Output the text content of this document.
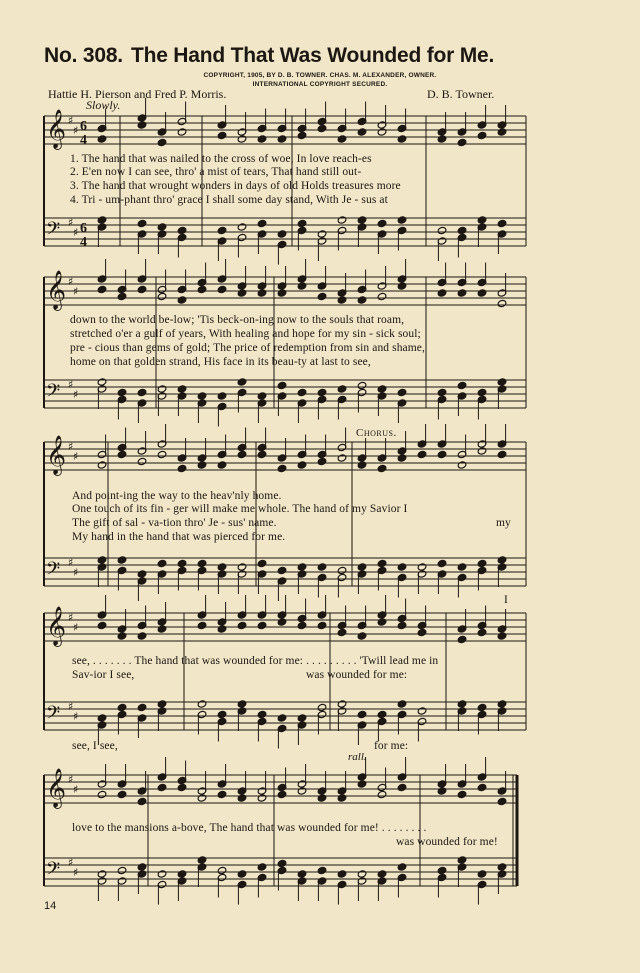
No. 308. The Hand That Was Wounded for Me.
COPYRIGHT, 1905, BY D. B. TOWNER. CHAS. M. ALEXANDER, OWNER.
INTERNATIONAL COPYRIGHT SECURED.
Hattie H. Pierson and Fred P. Morris.	D. B. Towner.
Slowly.
Chorus.
rall.
14
𝄞 ♯
♯ 6
4
𝄢 ♯
♯ 6
4
𝄞 ♯
♯
𝄢 ♯
♯
𝄞 ♯
♯
𝄢 ♯
♯
𝄞 ♯
♯
𝄢 ♯
♯
𝄞 ♯
♯
𝄢 ♯
♯
1. The hand that was nailed to the cross of woe, In love reach-es
2. E'en now I can see, thro' a mist of tears, That hand still out-
3. The hand that wrought wonders in days of old Holds treasures more
4. Tri - um-phant thro' grace I shall some day stand, With Je - sus at
down to the world be-low; 'Tis beck-on-ing now to the souls that roam,
stretched o'er a gulf of years, With healing and hope for my sin - sick soul;
pre - cious than gems of gold; The price of redemption from sin and shame,
home on that golden strand, His face in its beau-ty at last to see,
And point-ing the way to the heav'nly home.
One touch of its fin - ger will make me whole. The hand of my Savior I
The gift of sal - va-tion thro' Je - sus' name.
My hand in the hand that was pierced for me.
my
I
see, . . . . . . . The hand that was wounded for me: . . . . . . . . . 'Twill lead me in
Sav-ior I see,	was wounded for me:
see, I see,	for me:
love to the mansions a-bove, The hand that was wounded for me! . . . . . . . .
was wounded for me!
